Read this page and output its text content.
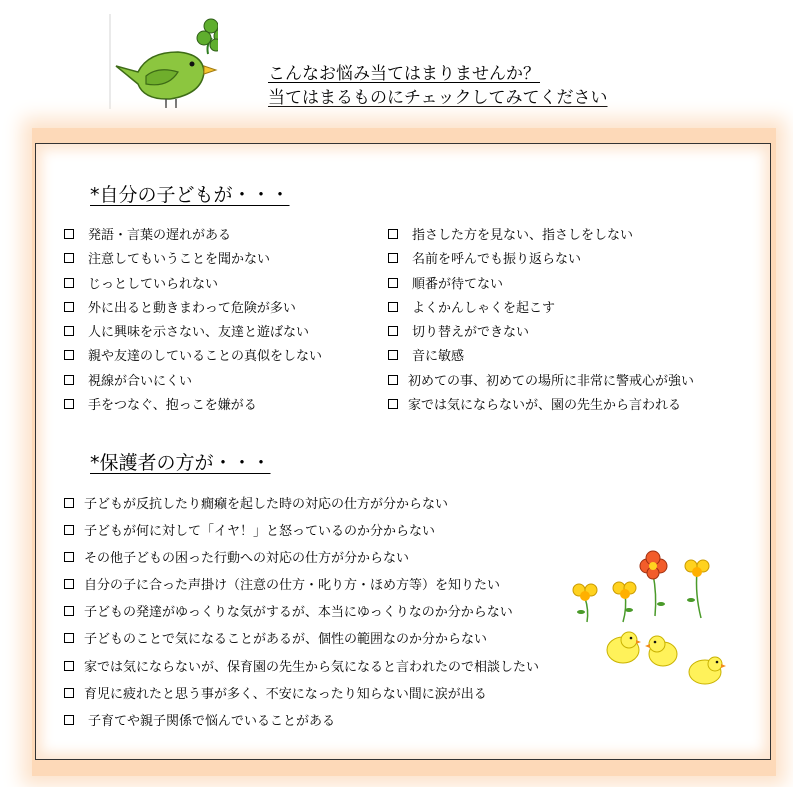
こんなお悩み当てはまりませんか？
当てはまるものにチェックしてみてください
*自分の子どもが・・・
発語・言葉の遅れがある
注意してもいうことを聞かない
じっとしていられない
外に出ると動きまわって危険が多い
人に興味を示さない、友達と遊ばない
親や友達のしていることの真似をしない
視線が合いにくい
手をつなぐ、抱っこを嫌がる
指さした方を見ない、指さしをしない
名前を呼んでも振り返らない
順番が待てない
よくかんしゃくを起こす
切り替えができない
音に敏感
初めての事、初めての場所に非常に警戒心が強い
家では気にならないが、園の先生から言われる
*保護者の方が・・・
子どもが反抗したり癇癪を起した時の対応の仕方が分からない
子どもが何に対して「イヤ！」と怒っているのか分からない
その他子どもの困った行動への対応の仕方が分からない
自分の子に合った声掛け（注意の仕方・叱り方・ほめ方等）を知りたい
子どもの発達がゆっくりな気がするが、本当にゆっくりなのか分からない
子どものことで気になることがあるが、個性の範囲なのか分からない
家では気にならないが、保育園の先生から気になると言われたので相談したい
育児に疲れたと思う事が多く、不安になったり知らない間に涙が出る
子育てや親子関係で悩んでいることがある
